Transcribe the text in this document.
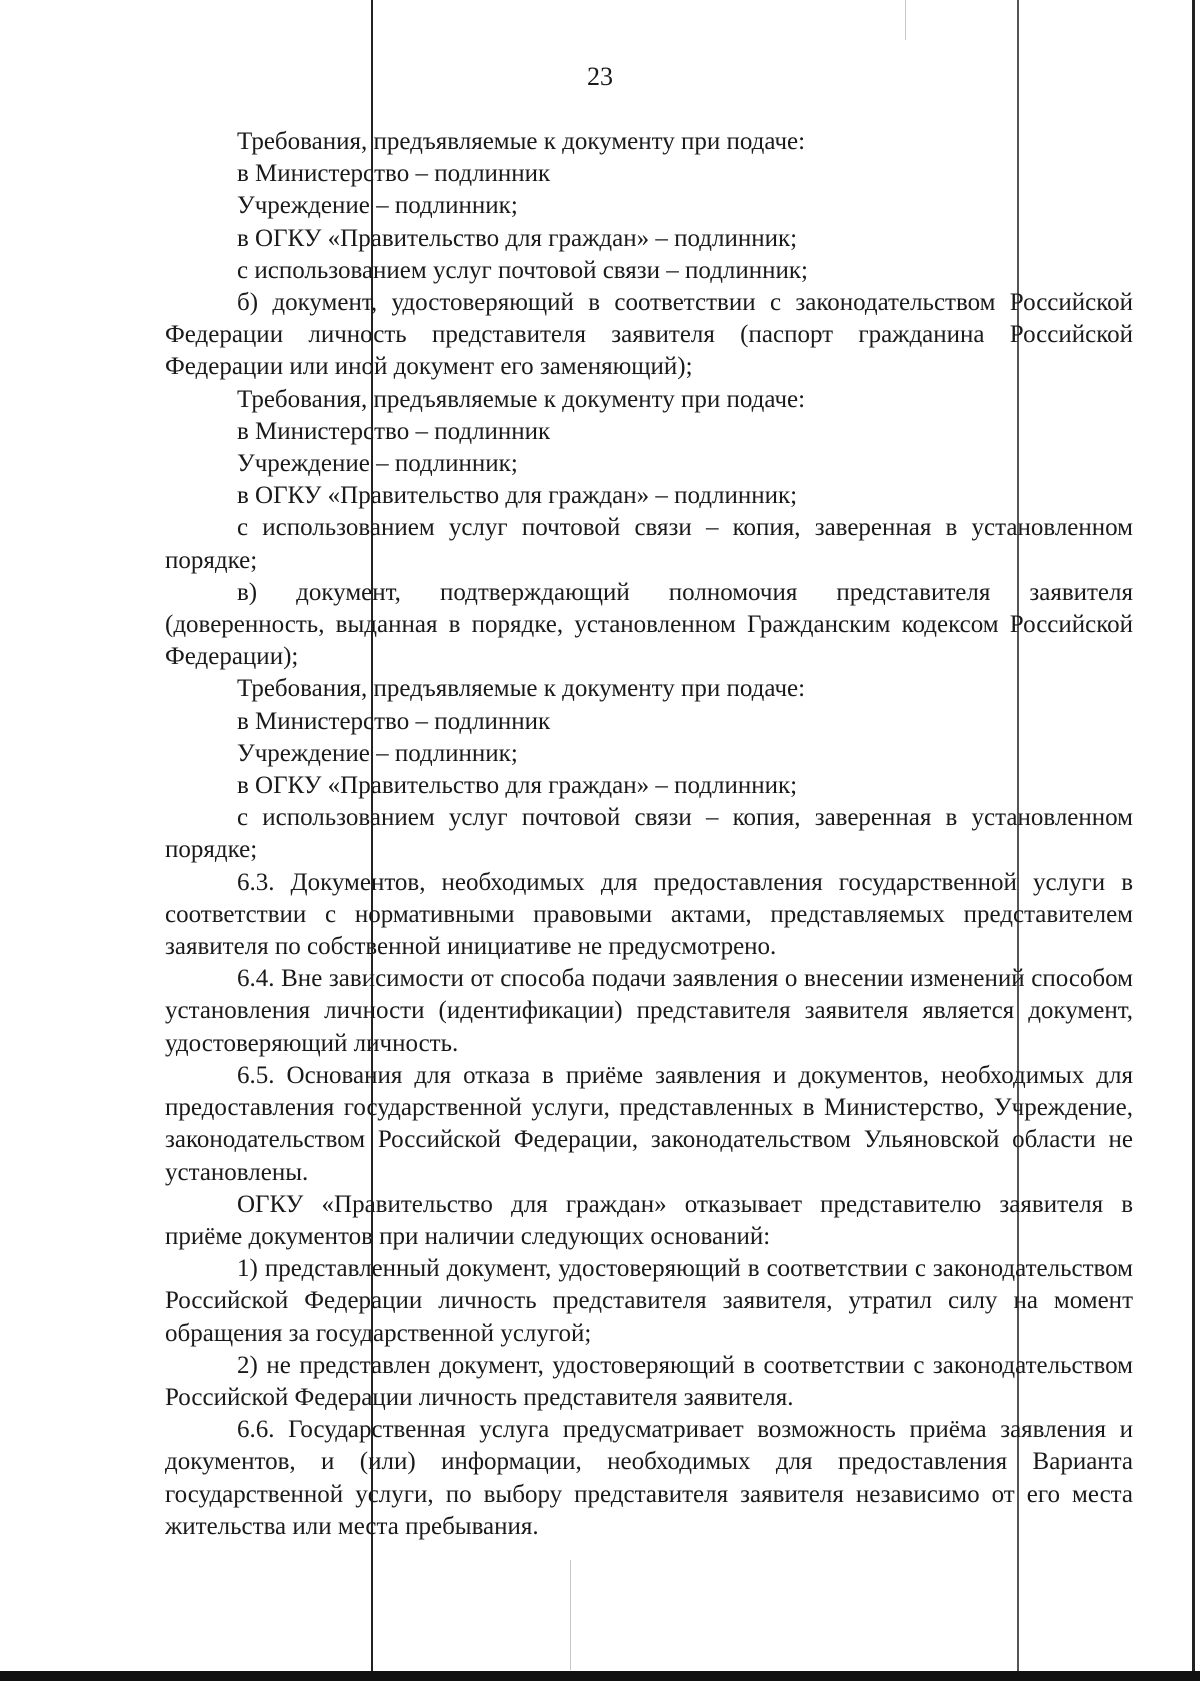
23

Требования, предъявляемые к документу при подаче:

в Министерство – подлинник

Учреждение – подлинник;

в ОГКУ «Правительство для граждан» – подлинник;

с использованием услуг почтовой связи – подлинник;

б) документ, удостоверяющий в соответствии с законодательством Российской Федерации личность представителя заявителя (паспорт гражданина Российской Федерации или иной документ его заменяющий);

Требования, предъявляемые к документу при подаче:

в Министерство – подлинник

Учреждение – подлинник;

в ОГКУ «Правительство для граждан» – подлинник;

с использованием услуг почтовой связи – копия, заверенная в установленном порядке;

в) документ, подтверждающий полномочия представителя заявителя (доверенность, выданная в порядке, установленном Гражданским кодексом Российской Федерации);

Требования, предъявляемые к документу при подаче:

в Министерство – подлинник

Учреждение – подлинник;

в ОГКУ «Правительство для граждан» – подлинник;

с использованием услуг почтовой связи – копия, заверенная в установленном порядке;

6.3. Документов, необходимых для предоставления государственной услуги в соответствии с нормативными правовыми актами, представляемых представителем заявителя по собственной инициативе не предусмотрено.

6.4. Вне зависимости от способа подачи заявления о внесении изменений способом установления личности (идентификации) представителя заявителя является документ, удостоверяющий личность.

6.5. Основания для отказа в приёме заявления и документов, необходимых для предоставления государственной услуги, представленных в Министерство, Учреждение, законодательством Российской Федерации, законодательством Ульяновской области не установлены.

ОГКУ «Правительство для граждан» отказывает представителю заявителя в приёме документов при наличии следующих оснований:

1) представленный документ, удостоверяющий в соответствии с законодательством Российской Федерации личность представителя заявителя, утратил силу на момент обращения за государственной услугой;

2) не представлен документ, удостоверяющий в соответствии с законодательством Российской Федерации личность представителя заявителя.

6.6. Государственная услуга предусматривает возможность приёма заявления и документов, и (или) информации, необходимых для предоставления Варианта государственной услуги, по выбору представителя заявителя независимо от его места жительства или места пребывания.
